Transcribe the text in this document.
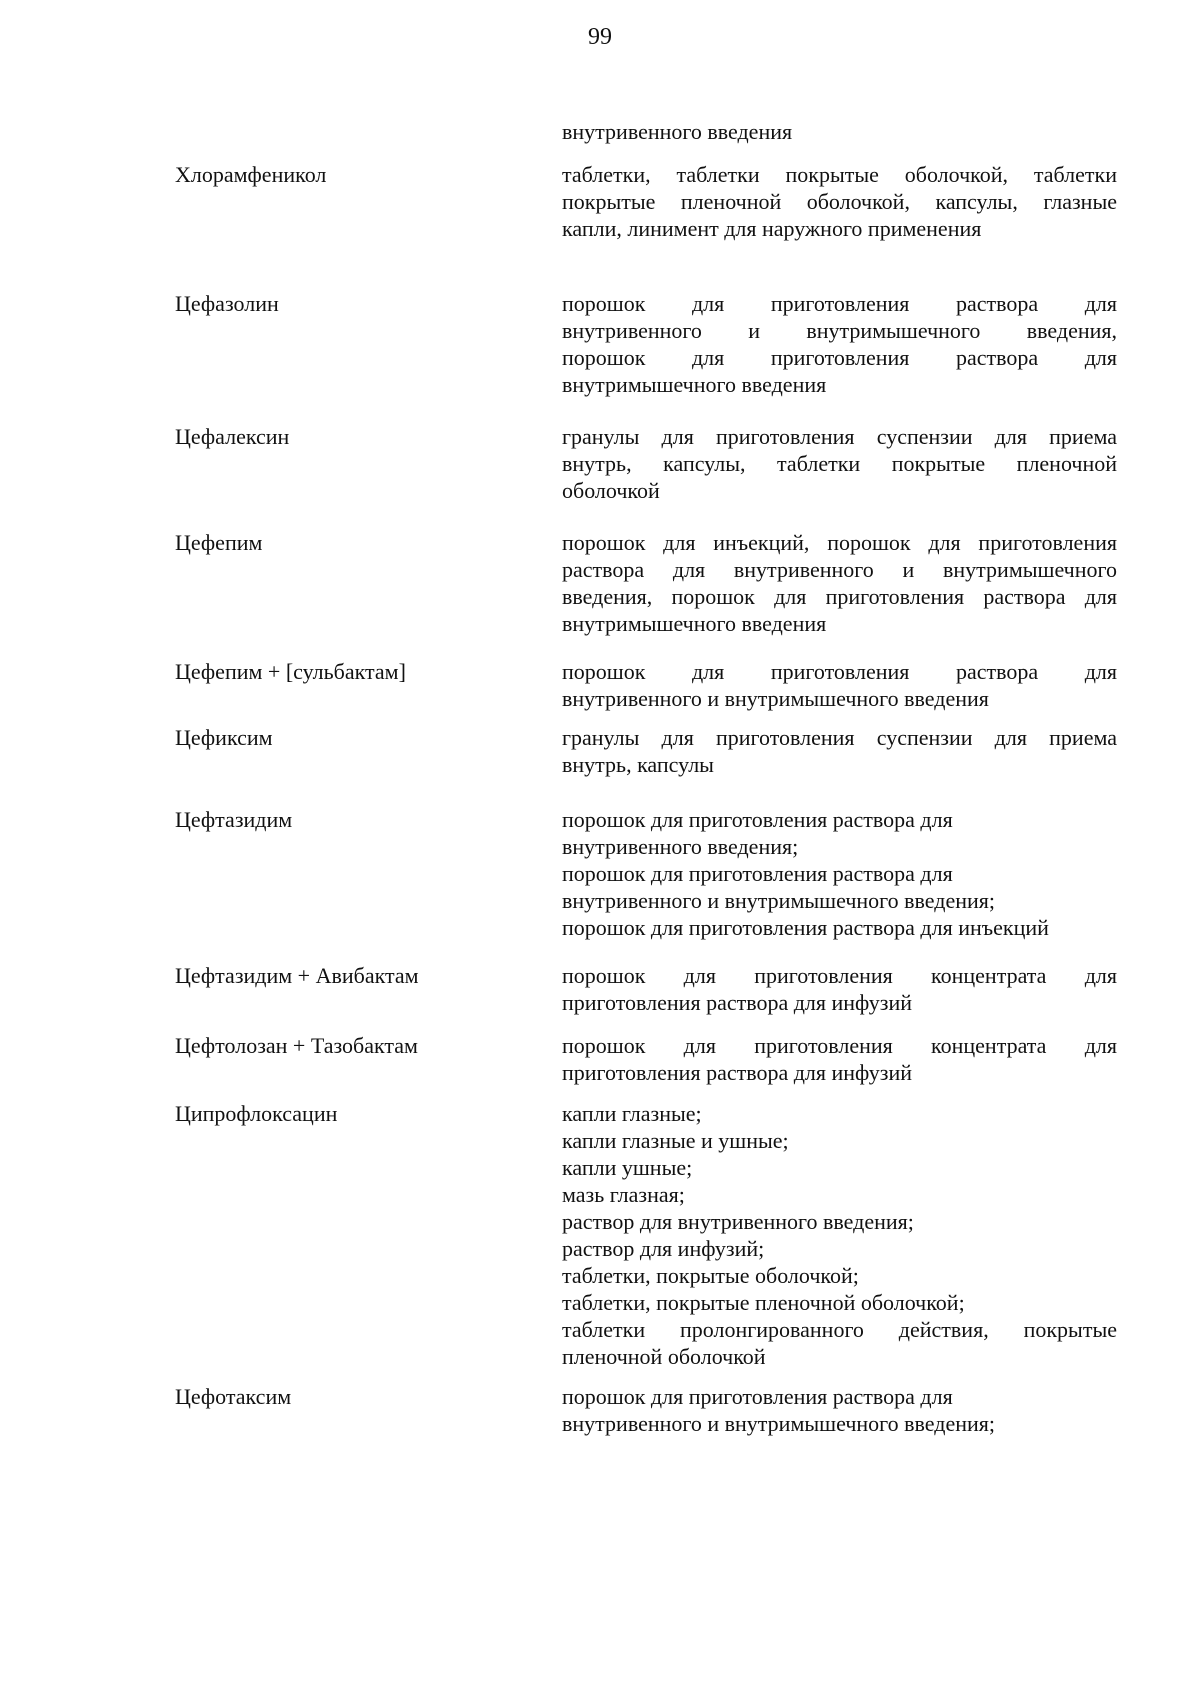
99
внутривенного введения
Хлорамфеникол	таблетки, таблетки покрытые оболочкой, таблетки
покрытые пленочной оболочкой, капсулы, глазные
капли, линимент для наружного применения
Цефазолин	порошок для приготовления раствора для
внутривенного и внутримышечного введения,
порошок для приготовления раствора для
внутримышечного введения
Цефалексин	гранулы для приготовления суспензии для приема
внутрь, капсулы, таблетки покрытые пленочной
оболочкой
Цефепим	порошок для инъекций, порошок для приготовления
раствора для внутривенного и внутримышечного
введения, порошок для приготовления раствора для
внутримышечного введения
Цефепим + [сульбактам]	порошок для приготовления раствора для
внутривенного и внутримышечного введения
Цефиксим	гранулы для приготовления суспензии для приема
внутрь, капсулы
Цефтазидим	порошок для приготовления раствора для
внутривенного введения;
порошок для приготовления раствора для
внутривенного и внутримышечного введения;
порошок для приготовления раствора для инъекций
Цефтазидим + Авибактам	порошок для приготовления концентрата для
приготовления раствора для инфузий
Цефтолозан + Тазобактам	порошок для приготовления концентрата для
приготовления раствора для инфузий
Ципрофлоксацин	капли глазные;
капли глазные и ушные;
капли ушные;
мазь глазная;
раствор для внутривенного введения;
раствор для инфузий;
таблетки, покрытые оболочкой;
таблетки, покрытые пленочной оболочкой;
таблетки пролонгированного действия, покрытые
пленочной оболочкой
Цефотаксим	порошок для приготовления раствора для
внутривенного и внутримышечного введения;
